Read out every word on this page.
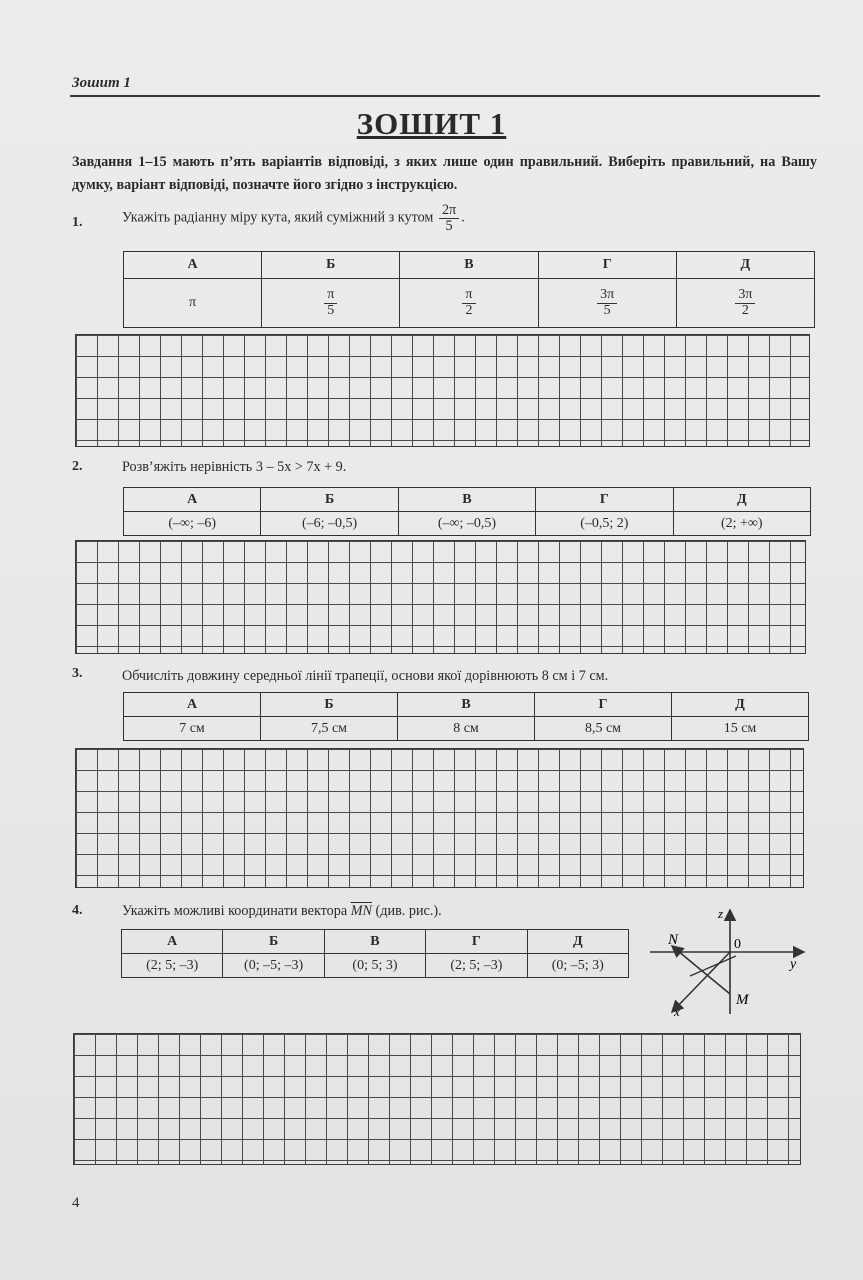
Зошит 1
ЗОШИТ 1
Завдання 1–15 мають п’ять варіантів відповіді, з яких лише один правильний. Виберіть правильний, на Вашу думку, варіант відповіді, позначте його згідно з інструкцією.
1.	Укажіть радіанну міру кута, який суміжний з кутом $\frac{2\pi}{5}$ .
А	Б	В	Г	Д
π	$\frac{\pi}{5}$	$\frac{\pi}{2}$	$\frac{3\pi}{5}$	$\frac{3\pi}{2}$
2.	Розв’яжіть нерівність 3 – 5x > 7x + 9.
А	Б	В	Г	Д
(–∞; –6)	(–6; –0,5)	(–∞; –0,5)	(–0,5; 2)	(2; +∞)
3.	Обчисліть довжину середньої лінії трапеції, основи якої дорівнюють 8 см і 7 см.
А	Б	В	Г	Д
7 см	7,5 см	8 см	8,5 см	15 см
4.	Укажіть можливі координати вектора $\overline{MN}$ (див. рис.).
А	Б	В	Г	Д
(2; 5; –3)	(0; –5; –3)	(0; 5; 3)	(2; 5; –3)	(0; –5; 3)
z
0
y
x
N
M
4
